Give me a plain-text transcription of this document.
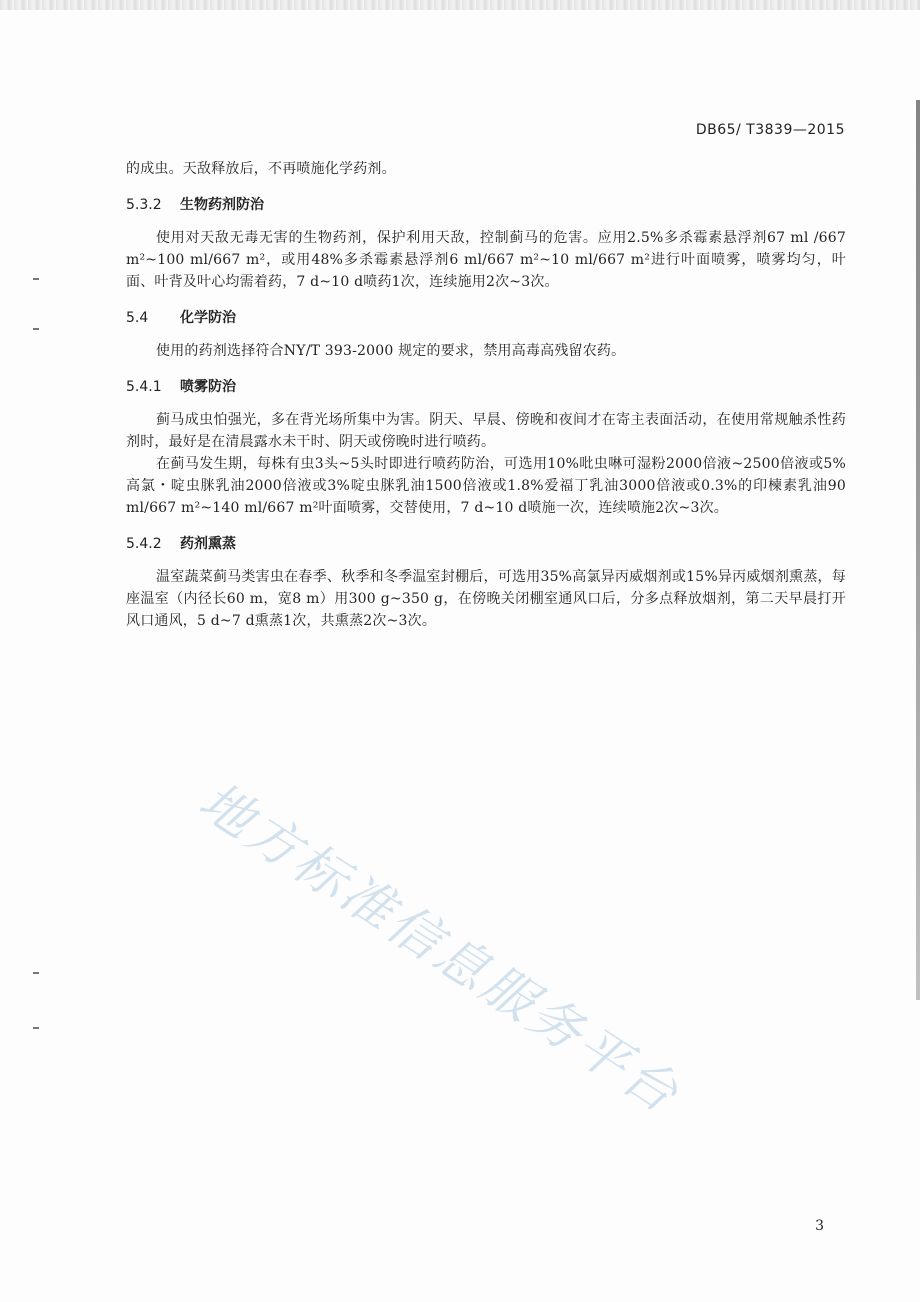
DB65/ T3839—2015

的成虫。天敌释放后，不再喷施化学药剂。

5.3.2 生物药剂防治

使用对天敌无毒无害的生物药剂，保护利用天敌，控制蓟马的危害。应用2.5%多杀霉素悬浮剂67 ml /667 m²~100 ml/667 m²，或用48%多杀霉素悬浮剂6 ml/667 m²~10 ml/667 m²进行叶面喷雾，喷雾均匀，叶面、叶背及叶心均需着药，7 d~10 d喷药1次，连续施用2次~3次。

5.4 化学防治

使用的药剂选择符合NY/T 393-2000 规定的要求，禁用高毒高残留农药。

5.4.1 喷雾防治

蓟马成虫怕强光，多在背光场所集中为害。阴天、早晨、傍晚和夜间才在寄主表面活动，在使用常规触杀性药剂时，最好是在清晨露水未干时、阴天或傍晚时进行喷药。

在蓟马发生期，每株有虫3头~5头时即进行喷药防治，可选用10%吡虫啉可湿粉2000倍液~2500倍液或5%高氯・啶虫脒乳油2000倍液或3%啶虫脒乳油1500倍液或1.8%爱福丁乳油3000倍液或0.3%的印楝素乳油90 ml/667 m²~140 ml/667 m²叶面喷雾，交替使用，7 d~10 d喷施一次，连续喷施2次~3次。

5.4.2 药剂熏蒸

温室蔬菜蓟马类害虫在春季、秋季和冬季温室封棚后，可选用35%高氯异丙威烟剂或15%异丙威烟剂熏蒸，每座温室（内径长60 m，宽8 m）用300 g~350 g，在傍晚关闭棚室通风口后，分多点释放烟剂，第二天早晨打开风口通风，5 d~7 d熏蒸1次，共熏蒸2次~3次。

地方标准信息服务平台
3
